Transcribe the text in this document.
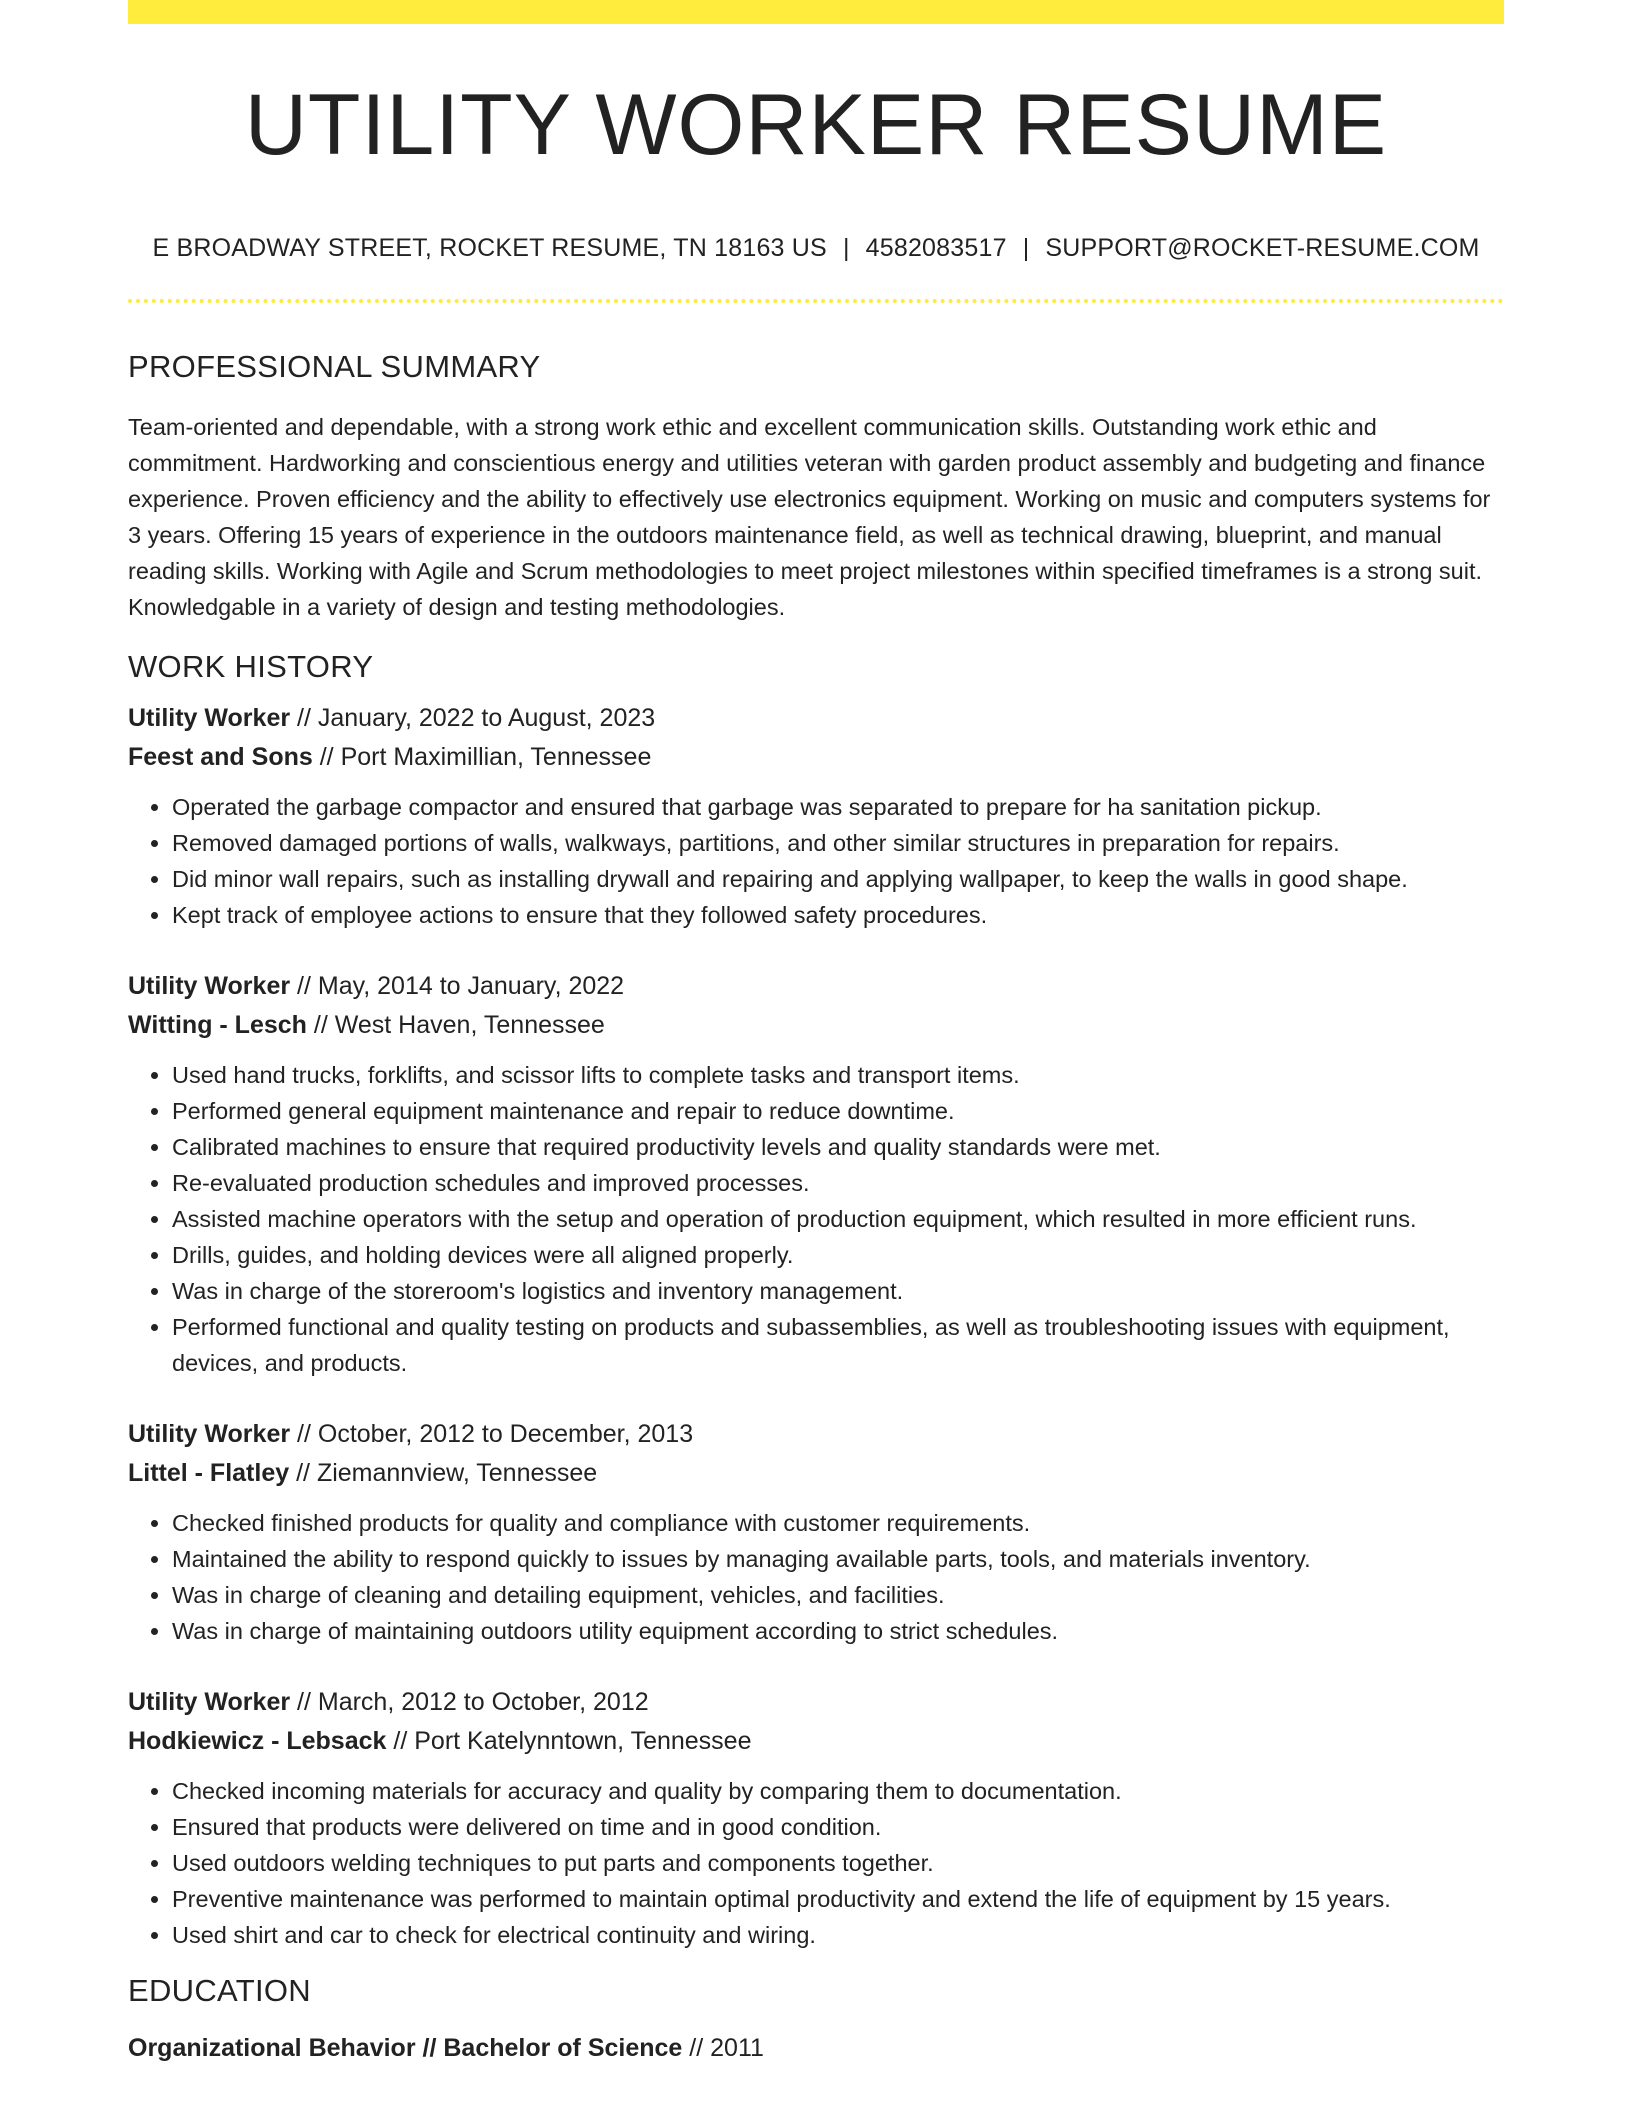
UTILITY WORKER RESUME
E BROADWAY STREET, ROCKET RESUME, TN 18163 US | 4582083517 | SUPPORT@ROCKET-RESUME.COM
PROFESSIONAL SUMMARY

Team-oriented and dependable, with a strong work ethic and excellent communication skills. Outstanding work ethic and commitment. Hardworking and conscientious energy and utilities veteran with garden product assembly and budgeting and finance experience. Proven efficiency and the ability to effectively use electronics equipment. Working on music and computers systems for 3 years. Offering 15 years of experience in the outdoors maintenance field, as well as technical drawing, blueprint, and manual reading skills. Working with Agile and Scrum methodologies to meet project milestones within specified timeframes is a strong suit. Knowledgable in a variety of design and testing methodologies.

WORK HISTORY
Utility Worker // January, 2022 to August, 2023
Feest and Sons // Port Maximillian, Tennessee
• Operated the garbage compactor and ensured that garbage was separated to prepare for ha sanitation pickup.
• Removed damaged portions of walls, walkways, partitions, and other similar structures in preparation for repairs.
• Did minor wall repairs, such as installing drywall and repairing and applying wallpaper, to keep the walls in good shape.
• Kept track of employee actions to ensure that they followed safety procedures.
Utility Worker // May, 2014 to January, 2022
Witting - Lesch // West Haven, Tennessee
• Used hand trucks, forklifts, and scissor lifts to complete tasks and transport items.
• Performed general equipment maintenance and repair to reduce downtime.
• Calibrated machines to ensure that required productivity levels and quality standards were met.
• Re-evaluated production schedules and improved processes.
• Assisted machine operators with the setup and operation of production equipment, which resulted in more efficient runs.
• Drills, guides, and holding devices were all aligned properly.
• Was in charge of the storeroom's logistics and inventory management.
• Performed functional and quality testing on products and subassemblies, as well as troubleshooting issues with equipment, devices, and products.
Utility Worker // October, 2012 to December, 2013
Littel - Flatley // Ziemannview, Tennessee
• Checked finished products for quality and compliance with customer requirements.
• Maintained the ability to respond quickly to issues by managing available parts, tools, and materials inventory.
• Was in charge of cleaning and detailing equipment, vehicles, and facilities.
• Was in charge of maintaining outdoors utility equipment according to strict schedules.
Utility Worker // March, 2012 to October, 2012
Hodkiewicz - Lebsack // Port Katelynntown, Tennessee
• Checked incoming materials for accuracy and quality by comparing them to documentation.
• Ensured that products were delivered on time and in good condition.
• Used outdoors welding techniques to put parts and components together.
• Preventive maintenance was performed to maintain optimal productivity and extend the life of equipment by 15 years.
• Used shirt and car to check for electrical continuity and wiring.
EDUCATION
Organizational Behavior // Bachelor of Science // 2011
